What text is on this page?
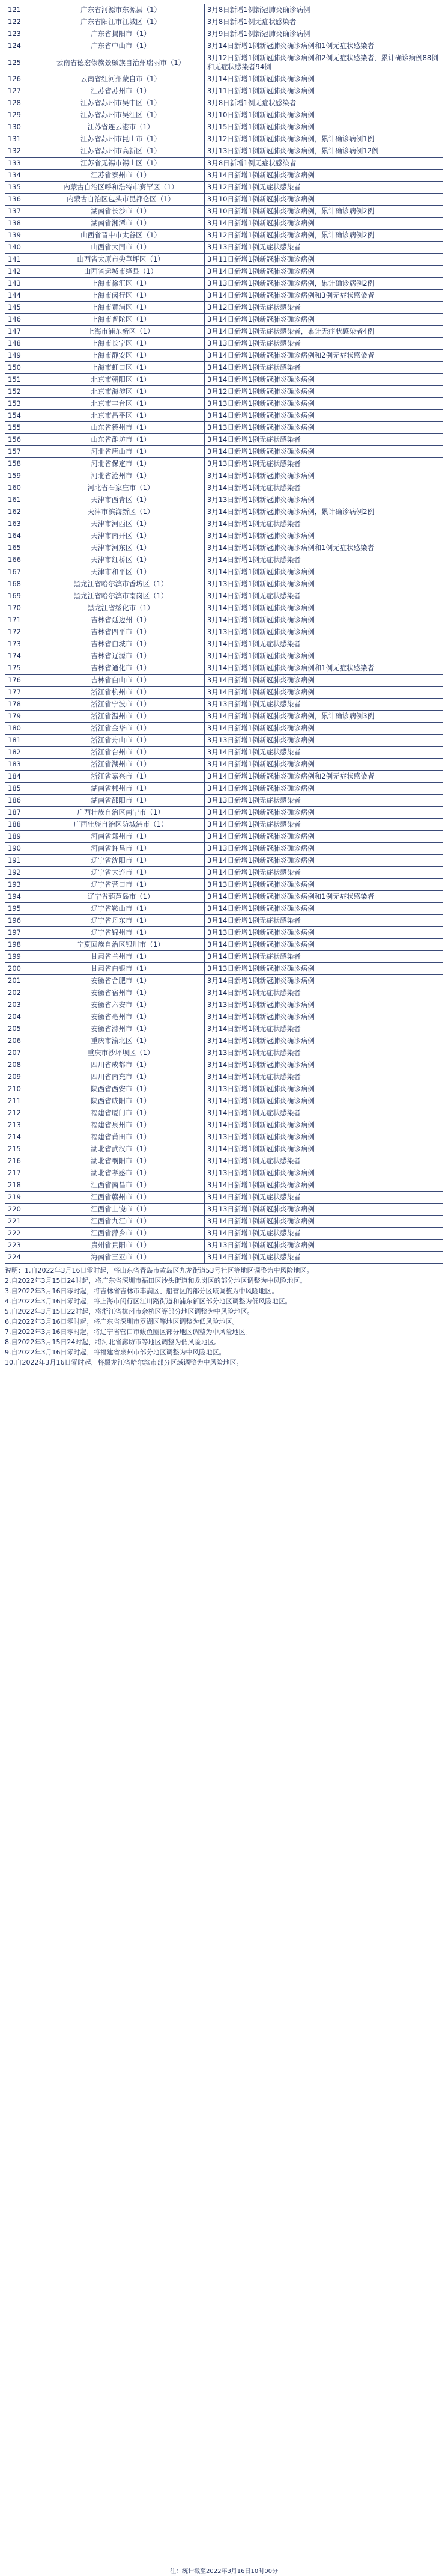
121	广东省河源市东源县（1）	3月8日新增1例新冠肺炎确诊病例
122	广东省阳江市江城区（1）	3月8日新增1例无症状感染者
123	广东省揭阳市（1）	3月9日新增1例新冠肺炎确诊病例
124	广东省中山市（1）	3月14日新增1例新冠肺炎确诊病例和1例无症状感染者
125	云南省德宏傣族景颇族自治州瑞丽市（1）	3月12日新增1例新冠肺炎确诊病例和2例无症状感染者，累计确诊病例88例和无症状感染者94例
126	云南省红河州蒙自市（1）	3月14日新增1例新冠肺炎确诊病例
127	江苏省苏州市（1）	3月11日新增1例新冠肺炎确诊病例
128	江苏省苏州市吴中区（1）	3月8日新增1例无症状感染者
129	江苏省苏州市吴江区（1）	3月10日新增1例新冠肺炎确诊病例
130	江苏省连云港市（1）	3月15日新增1例新冠肺炎确诊病例
131	江苏省苏州市昆山市（1）	3月12日新增1例新冠肺炎确诊病例，累计确诊病例1例
132	江苏省苏州市高新区（1）	3月13日新增1例新冠肺炎确诊病例，累计确诊病例12例
133	江苏省无锡市锡山区（1）	3月8日新增1例无症状感染者
134	江苏省泰州市（1）	3月14日新增1例新冠肺炎确诊病例
135	内蒙古自治区呼和浩特市赛罕区（1）	3月12日新增1例无症状感染者
136	内蒙古自治区包头市昆都仑区（1）	3月10日新增1例新冠肺炎确诊病例
137	湖南省长沙市（1）	3月10日新增1例新冠肺炎确诊病例，累计确诊病例2例
138	湖南省湘潭市（1）	3月14日新增1例新冠肺炎确诊病例
139	山西省晋中市太谷区（1）	3月12日新增1例新冠肺炎确诊病例，累计确诊病例2例
140	山西省大同市（1）	3月13日新增1例无症状感染者
141	山西省太原市尖草坪区（1）	3月11日新增1例新冠肺炎确诊病例
142	山西省运城市绛县（1）	3月14日新增1例新冠肺炎确诊病例
143	上海市徐汇区（1）	3月13日新增1例新冠肺炎确诊病例，累计确诊病例2例
144	上海市闵行区（1）	3月14日新增1例新冠肺炎确诊病例和3例无症状感染者
145	上海市黄浦区（1）	3月12日新增1例无症状感染者
146	上海市普陀区（1）	3月14日新增1例新冠肺炎确诊病例
147	上海市浦东新区（1）	3月14日新增1例无症状感染者，累计无症状感染者4例
148	上海市长宁区（1）	3月13日新增1例无症状感染者
149	上海市静安区（1）	3月14日新增1例新冠肺炎确诊病例和2例无症状感染者
150	上海市虹口区（1）	3月14日新增1例无症状感染者
151	北京市朝阳区（1）	3月14日新增1例新冠肺炎确诊病例
152	北京市海淀区（1）	3月12日新增1例新冠肺炎确诊病例
153	北京市丰台区（1）	3月13日新增1例新冠肺炎确诊病例
154	北京市昌平区（1）	3月14日新增1例新冠肺炎确诊病例
155	山东省德州市（1）	3月13日新增1例新冠肺炎确诊病例
156	山东省潍坊市（1）	3月14日新增1例无症状感染者
157	河北省唐山市（1）	3月14日新增1例新冠肺炎确诊病例
158	河北省保定市（1）	3月13日新增1例无症状感染者
159	河北省沧州市（1）	3月14日新增1例新冠肺炎确诊病例
160	河北省石家庄市（1）	3月14日新增1例无症状感染者
161	天津市西青区（1）	3月13日新增1例新冠肺炎确诊病例
162	天津市滨海新区（1）	3月14日新增1例新冠肺炎确诊病例，累计确诊病例2例
163	天津市河西区（1）	3月14日新增1例无症状感染者
164	天津市南开区（1）	3月14日新增1例新冠肺炎确诊病例
165	天津市河东区（1）	3月14日新增1例新冠肺炎确诊病例和1例无症状感染者
166	天津市红桥区（1）	3月14日新增1例无症状感染者
167	天津市和平区（1）	3月14日新增1例新冠肺炎确诊病例
168	黑龙江省哈尔滨市香坊区（1）	3月13日新增1例新冠肺炎确诊病例
169	黑龙江省哈尔滨市南岗区（1）	3月14日新增1例无症状感染者
170	黑龙江省绥化市（1）	3月14日新增1例新冠肺炎确诊病例
171	吉林省延边州（1）	3月14日新增1例新冠肺炎确诊病例
172	吉林省四平市（1）	3月13日新增1例新冠肺炎确诊病例
173	吉林省白城市（1）	3月14日新增1例无症状感染者
174	吉林省辽源市（1）	3月14日新增1例新冠肺炎确诊病例
175	吉林省通化市（1）	3月14日新增1例新冠肺炎确诊病例和1例无症状感染者
176	吉林省白山市（1）	3月14日新增1例新冠肺炎确诊病例
177	浙江省杭州市（1）	3月14日新增1例新冠肺炎确诊病例
178	浙江省宁波市（1）	3月13日新增1例无症状感染者
179	浙江省温州市（1）	3月14日新增1例新冠肺炎确诊病例，累计确诊病例3例
180	浙江省金华市（1）	3月14日新增1例新冠肺炎确诊病例
181	浙江省舟山市（1）	3月13日新增1例新冠肺炎确诊病例
182	浙江省台州市（1）	3月14日新增1例无症状感染者
183	浙江省湖州市（1）	3月14日新增1例新冠肺炎确诊病例
184	浙江省嘉兴市（1）	3月14日新增1例新冠肺炎确诊病例和2例无症状感染者
185	湖南省郴州市（1）	3月14日新增1例新冠肺炎确诊病例
186	湖南省邵阳市（1）	3月13日新增1例无症状感染者
187	广西壮族自治区南宁市（1）	3月14日新增1例新冠肺炎确诊病例
188	广西壮族自治区防城港市（1）	3月14日新增1例无症状感染者
189	河南省郑州市（1）	3月14日新增1例新冠肺炎确诊病例
190	河南省许昌市（1）	3月13日新增1例新冠肺炎确诊病例
191	辽宁省沈阳市（1）	3月14日新增1例新冠肺炎确诊病例
192	辽宁省大连市（1）	3月14日新增1例无症状感染者
193	辽宁省营口市（1）	3月13日新增1例新冠肺炎确诊病例
194	辽宁省葫芦岛市（1）	3月14日新增1例新冠肺炎确诊病例和1例无症状感染者
195	辽宁省鞍山市（1）	3月14日新增1例新冠肺炎确诊病例
196	辽宁省丹东市（1）	3月14日新增1例无症状感染者
197	辽宁省锦州市（1）	3月13日新增1例新冠肺炎确诊病例
198	宁夏回族自治区银川市（1）	3月14日新增1例新冠肺炎确诊病例
199	甘肃省兰州市（1）	3月14日新增1例无症状感染者
200	甘肃省白银市（1）	3月13日新增1例新冠肺炎确诊病例
201	安徽省合肥市（1）	3月14日新增1例新冠肺炎确诊病例
202	安徽省宿州市（1）	3月14日新增1例无症状感染者
203	安徽省六安市（1）	3月13日新增1例新冠肺炎确诊病例
204	安徽省亳州市（1）	3月14日新增1例新冠肺炎确诊病例
205	安徽省滁州市（1）	3月14日新增1例无症状感染者
206	重庆市渝北区（1）	3月14日新增1例新冠肺炎确诊病例
207	重庆市沙坪坝区（1）	3月13日新增1例无症状感染者
208	四川省成都市（1）	3月14日新增1例新冠肺炎确诊病例
209	四川省南充市（1）	3月14日新增1例无症状感染者
210	陕西省西安市（1）	3月13日新增1例新冠肺炎确诊病例
211	陕西省咸阳市（1）	3月14日新增1例新冠肺炎确诊病例
212	福建省厦门市（1）	3月14日新增1例无症状感染者
213	福建省泉州市（1）	3月14日新增1例新冠肺炎确诊病例
214	福建省莆田市（1）	3月13日新增1例新冠肺炎确诊病例
215	湖北省武汉市（1）	3月14日新增1例新冠肺炎确诊病例
216	湖北省襄阳市（1）	3月14日新增1例无症状感染者
217	湖北省孝感市（1）	3月13日新增1例新冠肺炎确诊病例
218	江西省南昌市（1）	3月14日新增1例新冠肺炎确诊病例
219	江西省赣州市（1）	3月14日新增1例无症状感染者
220	江西省上饶市（1）	3月13日新增1例新冠肺炎确诊病例
221	江西省九江市（1）	3月14日新增1例新冠肺炎确诊病例
222	江西省萍乡市（1）	3月14日新增1例无症状感染者
223	贵州省贵阳市（1）	3月13日新增1例新冠肺炎确诊病例
224	海南省三亚市（1）	3月14日新增1例无症状感染者

说明：1.自2022年3月16日零时起，将山东省青岛市黄岛区九龙街道53号社区等地区调整为中风险地区。

2.自2022年3月15日24时起，将广东省深圳市福田区沙头街道和龙岗区的部分地区调整为中风险地区。

3.自2022年3月16日零时起，将吉林省吉林市丰满区、船营区的部分区域调整为中风险地区。

4.自2022年3月16日零时起，将上海市闵行区江川路街道和浦东新区部分地区调整为低风险地区。

5.自2022年3月15日22时起，将浙江省杭州市余杭区等部分地区调整为中风险地区。

6.自2022年3月16日零时起，将广东省深圳市罗湖区等地区调整为低风险地区。

7.自2022年3月16日零时起，将辽宁省营口市鲅鱼圈区部分地区调整为中风险地区。

8.自2022年3月15日24时起，将河北省廊坊市等地区调整为低风险地区。

9.自2022年3月16日零时起，将福建省泉州市部分地区调整为中风险地区。

10.自2022年3月16日零时起，将黑龙江省哈尔滨市部分区域调整为中风险地区。

注：统计截至2022年3月16日10时00分
